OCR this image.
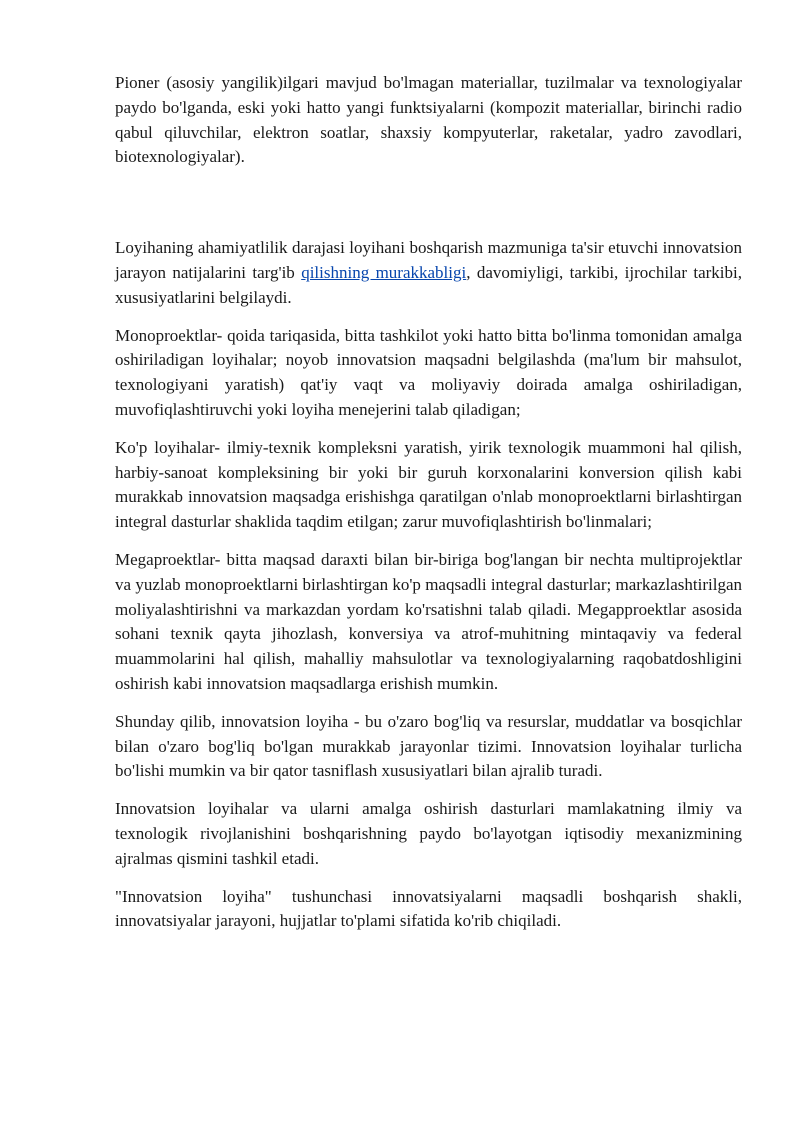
Pioner (asosiy yangilik)ilgari mavjud bo'lmagan materiallar, tuzilmalar va texnologiyalar paydo bo'lganda, eski yoki hatto yangi funktsiyalarni (kompozit materiallar, birinchi radio qabul qiluvchilar, elektron soatlar, shaxsiy kompyuterlar, raketalar, yadro zavodlari, biotexnologiyalar).

Loyihaning ahamiyatlilik darajasi loyihani boshqarish mazmuniga ta'sir etuvchi innovatsion jarayon natijalarini targ'ib qilishning murakkabligi, davomiyligi, tarkibi, ijrochilar tarkibi, xususiyatlarini belgilaydi.

Monoproektlar- qoida tariqasida, bitta tashkilot yoki hatto bitta bo'linma tomonidan amalga oshiriladigan loyihalar; noyob innovatsion maqsadni belgilashda (ma'lum bir mahsulot, texnologiyani yaratish) qat'iy vaqt va moliyaviy doirada amalga oshiriladigan, muvofiqlashtiruvchi yoki loyiha menejerini talab qiladigan;

Ko'p loyihalar- ilmiy-texnik kompleksni yaratish, yirik texnologik muammoni hal qilish, harbiy-sanoat kompleksining bir yoki bir guruh korxonalarini konversion qilish kabi murakkab innovatsion maqsadga erishishga qaratilgan o'nlab monoproektlarni birlashtirgan integral dasturlar shaklida taqdim etilgan; zarur muvofiqlashtirish bo'linmalari;

Megaproektlar- bitta maqsad daraxti bilan bir-biriga bog'langan bir nechta multiprojektlar va yuzlab monoproektlarni birlashtirgan ko'p maqsadli integral dasturlar; markazlashtirilgan moliyalashtirishni va markazdan yordam ko'rsatishni talab qiladi. Megapproektlar asosida sohani texnik qayta jihozlash, konversiya va atrof-muhitning mintaqaviy va federal muammolarini hal qilish, mahalliy mahsulotlar va texnologiyalarning raqobatdoshligini oshirish kabi innovatsion maqsadlarga erishish mumkin.

Shunday qilib, innovatsion loyiha - bu o'zaro bog'liq va resurslar, muddatlar va bosqichlar bilan o'zaro bog'liq bo'lgan murakkab jarayonlar tizimi. Innovatsion loyihalar turlicha bo'lishi mumkin va bir qator tasniflash xususiyatlari bilan ajralib turadi.

Innovatsion loyihalar va ularni amalga oshirish dasturlari mamlakatning ilmiy va texnologik rivojlanishini boshqarishning paydo bo'layotgan iqtisodiy mexanizmining ajralmas qismini tashkil etadi.

"Innovatsion loyiha" tushunchasi innovatsiyalarni maqsadli boshqarish shakli, innovatsiyalar jarayoni, hujjatlar to'plami sifatida ko'rib chiqiladi.
